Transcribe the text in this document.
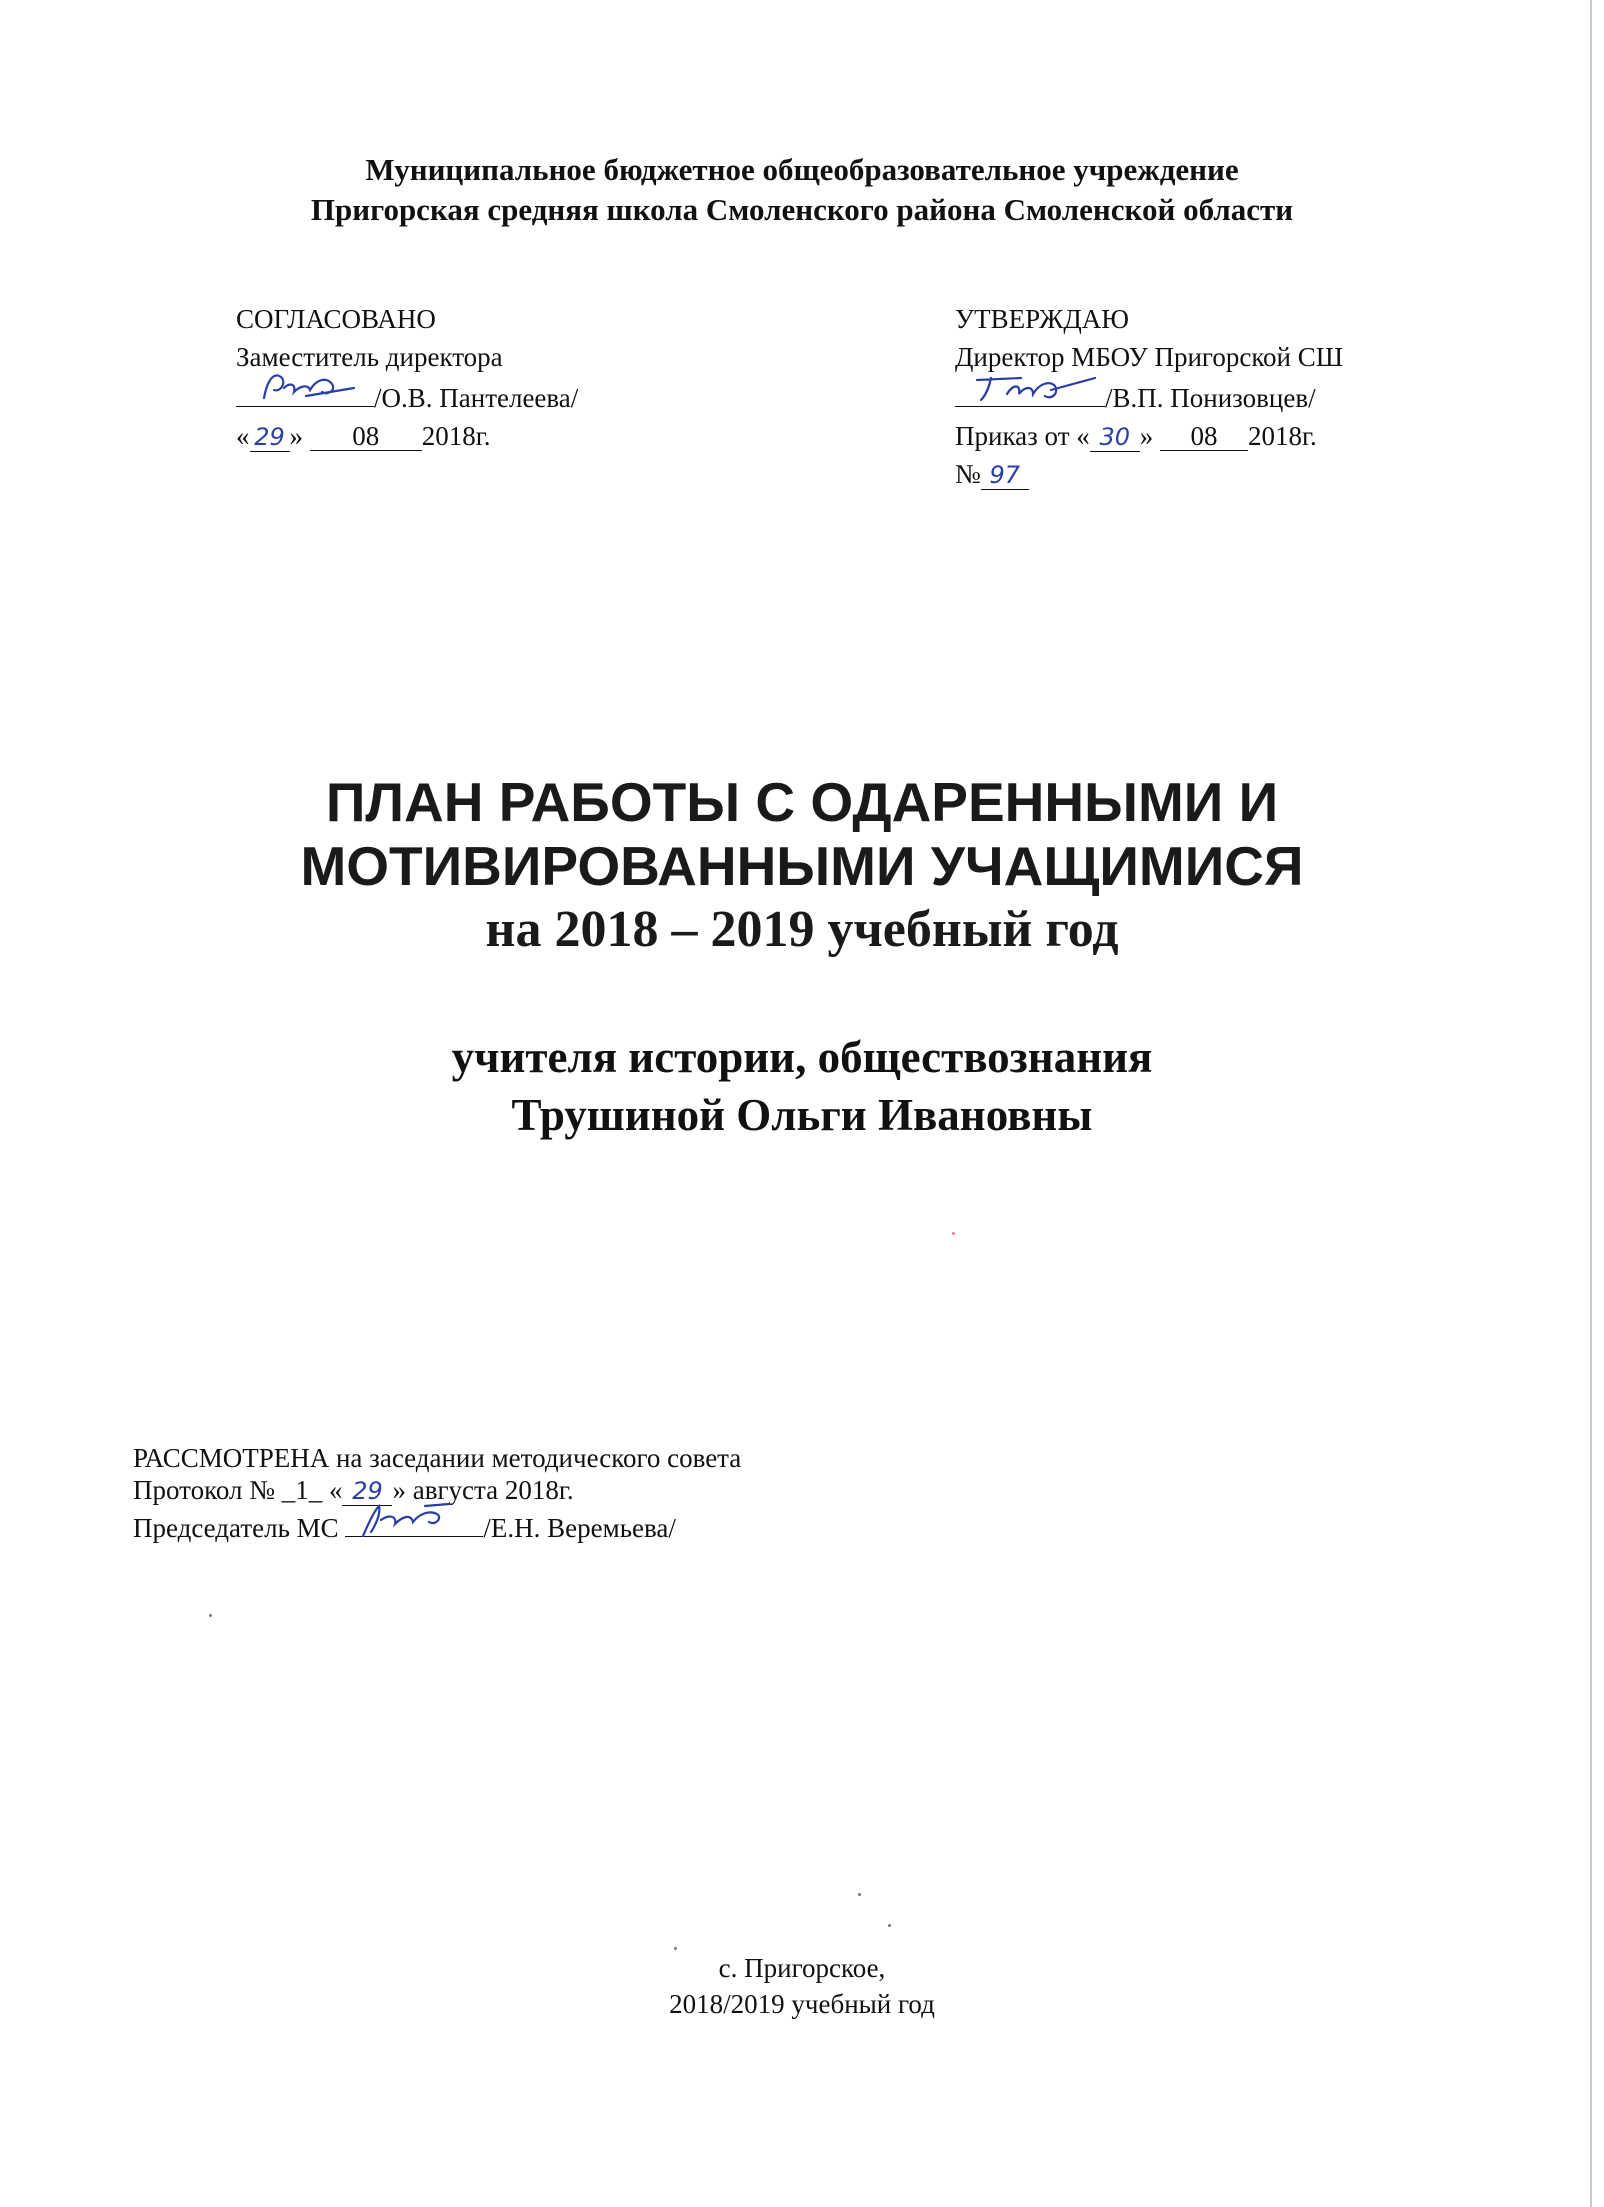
Муниципальное бюджетное общеобразовательное учреждение
Пригорская средняя школа Смоленского района Смоленской области
СОГЛАСОВАНО
Заместитель директора
/О.В. Пантелеева/
« 29 » 08 2018г.
УТВЕРЖДАЮ
Директор МБОУ Пригорской СШ
/В.П. Понизовцев/
Приказ от « 30 » 08 2018г.
№ 97
ПЛАН РАБОТЫ С ОДАРЕННЫМИ И
МОТИВИРОВАННЫМИ УЧАЩИМИСЯ
на 2018 – 2019 учебный год
учителя истории, обществознания
Трушиной Ольги Ивановны
РАССМОТРЕНА на заседании методического совета
Протокол № _1_ « 29 » августа 2018г.
Председатель МС	/Е.Н. Веремьева/
с. Пригорское,
2018/2019 учебный год
